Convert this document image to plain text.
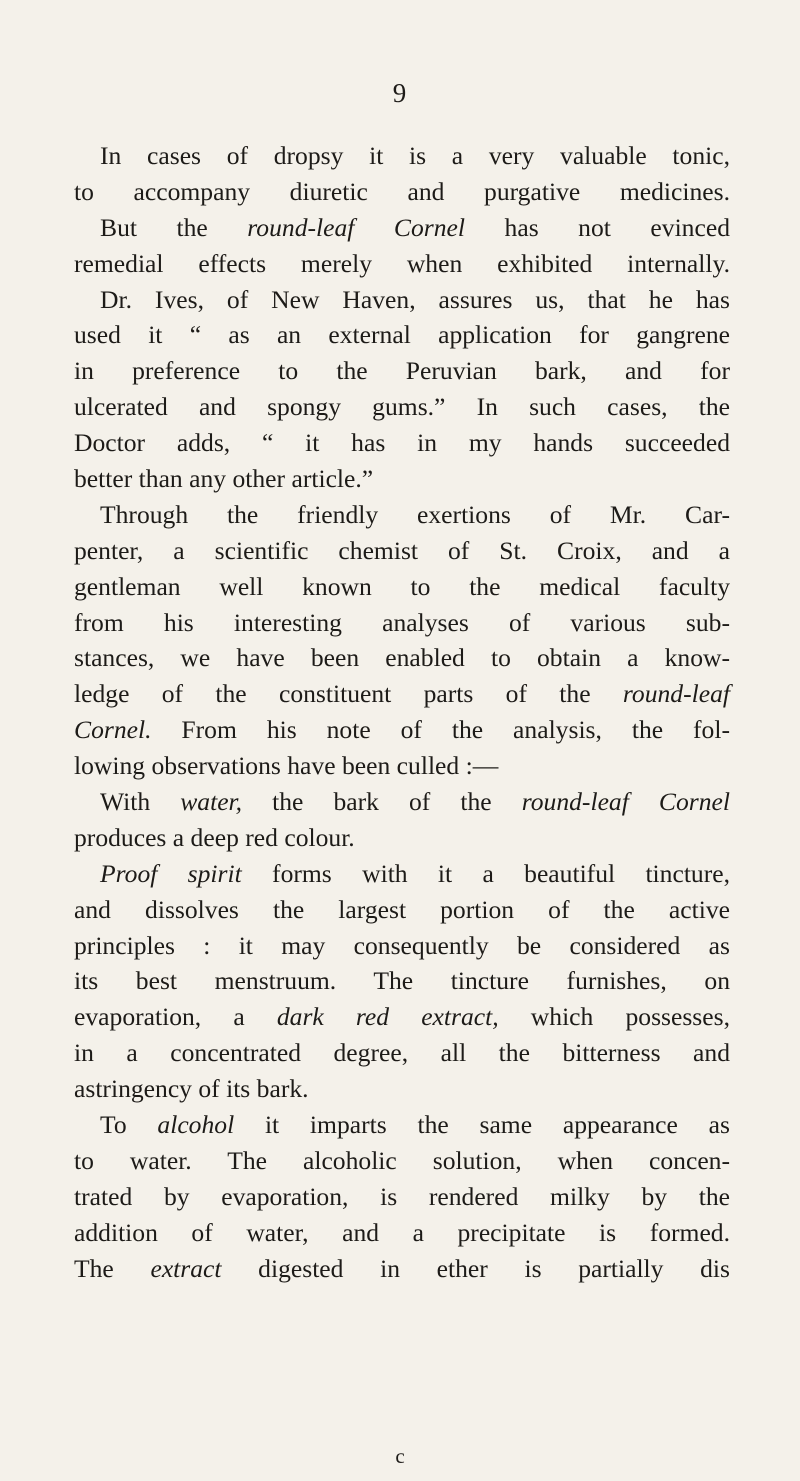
9
In cases of dropsy it is a very valuable tonic,
to accompany diuretic and purgative medicines.
But the round-leaf Cornel has not evinced
remedial effects merely when exhibited internally.
Dr. Ives, of New Haven, assures us, that he has
used it “ as an external application for gangrene
in preference to the Peruvian bark, and for
ulcerated and spongy gums.” In such cases, the
Doctor adds, “ it has in my hands succeeded
better than any other article.”
Through the friendly exertions of Mr. Car-
penter, a scientific chemist of St. Croix, and a
gentleman well known to the medical faculty
from his interesting analyses of various sub-
stances, we have been enabled to obtain a know-
ledge of the constituent parts of the round-leaf
Cornel. From his note of the analysis, the fol-
lowing observations have been culled :—
With water, the bark of the round-leaf Cornel
produces a deep red colour.
Proof spirit forms with it a beautiful tincture,
and dissolves the largest portion of the active
principles : it may consequently be considered as
its best menstruum. The tincture furnishes, on
evaporation, a dark red extract, which possesses,
in a concentrated degree, all the bitterness and
astringency of its bark.
To alcohol it imparts the same appearance as
to water. The alcoholic solution, when concen-
trated by evaporation, is rendered milky by the
addition of water, and a precipitate is formed.
The extract digested in ether is partially dis
c
